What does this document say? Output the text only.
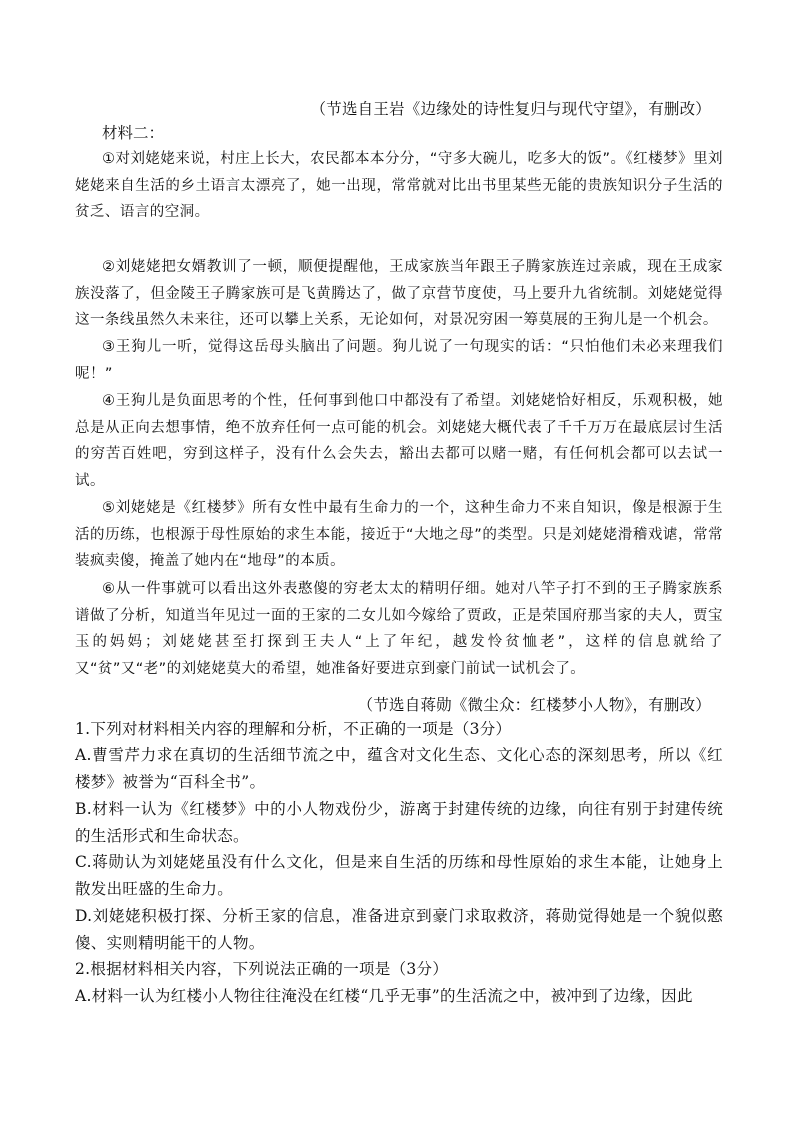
（节选自王岩《边缘处的诗性复归与现代守望》，有删改）
材料二：

①对刘姥姥来说，村庄上长大，农民都本本分分，“守多大碗儿，吃多大的饭”。《红楼梦》里刘姥姥来自生活的乡土语言太漂亮了，她一出现，常常就对比出书里某些无能的贵族知识分子生活的贫乏、语言的空洞。

②刘姥姥把女婿教训了一顿，顺便提醒他，王成家族当年跟王子腾家族连过亲戚，现在王成家族没落了，但金陵王子腾家族可是飞黄腾达了，做了京营节度使，马上要升九省统制。刘姥姥觉得这一条线虽然久未来往，还可以攀上关系，无论如何，对景况穷困一筹莫展的王狗儿是一个机会。

③王狗儿一听，觉得这岳母头脑出了问题。狗儿说了一句现实的话：“只怕他们未必来理我们呢！”

④王狗儿是负面思考的个性，任何事到他口中都没有了希望。刘姥姥恰好相反，乐观积极，她总是从正向去想事情，绝不放弃任何一点可能的机会。刘姥姥大概代表了千千万万在最底层讨生活的穷苦百姓吧，穷到这样子，没有什么会失去，豁出去都可以赌一赌，有任何机会都可以去试一试。

⑤刘姥姥是《红楼梦》所有女性中最有生命力的一个，这种生命力不来自知识，像是根源于生活的历练，也根源于母性原始的求生本能，接近于“大地之母”的类型。只是刘姥姥滑稽戏谑，常常装疯卖傻，掩盖了她内在“地母”的本质。

⑥从一件事就可以看出这外表憨傻的穷老太太的精明仔细。她对八竿子打不到的王子腾家族系谱做了分析，知道当年见过一面的王家的二女儿如今嫁给了贾政，正是荣国府那当家的夫人，贾宝玉的妈妈；刘姥姥甚至打探到王夫人“上了年纪，越发怜贫恤老”，这样的信息就给了又“贫”又“老”的刘姥姥莫大的希望，她准备好要进京到豪门前试一试机会了。

（节选自蒋勋《微尘众：红楼梦小人物》，有删改）

1.下列对材料相关内容的理解和分析，不正确的一项是（3分）

A.曹雪芹力求在真切的生活细节流之中，蕴含对文化生态、文化心态的深刻思考，所以《红楼梦》被誉为“百科全书”。

B.材料一认为《红楼梦》中的小人物戏份少，游离于封建传统的边缘，向往有别于封建传统的生活形式和生命状态。

C.蒋勋认为刘姥姥虽没有什么文化，但是来自生活的历练和母性原始的求生本能，让她身上散发出旺盛的生命力。

D.刘姥姥积极打探、分析王家的信息，准备进京到豪门求取救济，蒋勋觉得她是一个貌似憨傻、实则精明能干的人物。

2.根据材料相关内容，下列说法正确的一项是（3分）

A.材料一认为红楼小人物往往淹没在红楼“几乎无事”的生活流之中，被冲到了边缘，因此
